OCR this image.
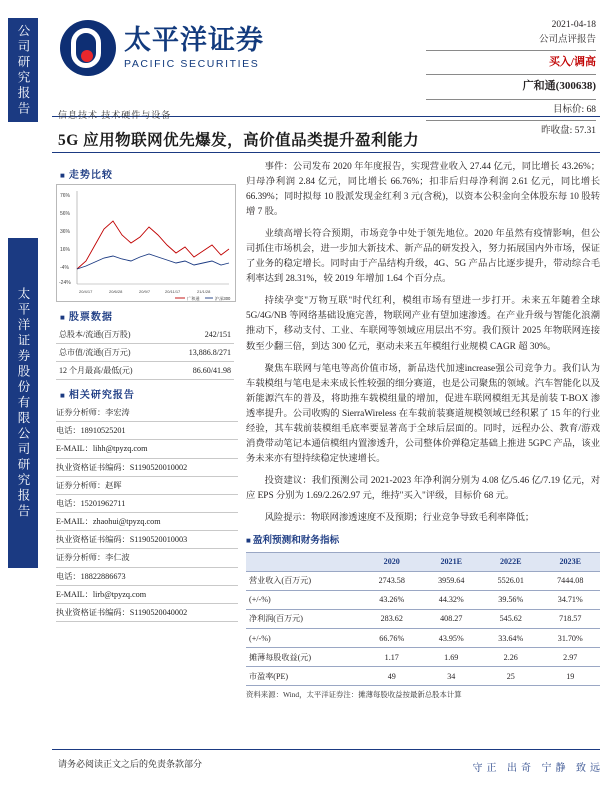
公司研究报告
太平洋证券股份有限公司研究报告
太平洋证券
PACIFIC SECURITIES
2021-04-18
公司点评报告
买入/调高
广和通(300638)
目标价: 68
昨收盘: 57.31
信息技术 技术硬件与设备
5G 应用物联网优先爆发，高价值品类提升盈利能力
■ 走势比较
76%
56%
36%
16%
-4%
-24%
20/4/17	20/6/28	20/9/7	20/11/17	21/1/28
广和通	沪深300
■ 股票数据
总股本/流通(百万股)	242/151
总市值/流通(百万元)	13,886.8/271
12 个月最高/最低(元)	86.60/41.98
■ 相关研究报告
证券分析师：李宏涛
电话：18910525201
E-MAIL：lihh@tpyzq.com
执业资格证书编码：S1190520010002
证券分析师：赵晖
电话：15201962711
E-MAIL：zhaohui@tpyzq.com
执业资格证书编码：S1190520010003
证券分析师：李仁波
电话：18822886673
E-MAIL：lirb@tpyzq.com
执业资格证书编码：S1190520040002

事件：公司发布 2020 年年度报告，实现营业收入 27.44 亿元，同比增长 43.26%；归母净利润 2.84 亿元，同比增长 66.76%；扣非后归母净利润 2.61 亿元，同比增长 66.39%；同时拟每 10 股派发现金红利 3 元(含税)，以资本公积金向全体股东每 10 股转增 7 股。

业绩高增长符合预期，市场竞争中处于领先地位。2020 年虽然有疫情影响，但公司抓住市场机会，进一步加大新技术、新产品的研发投入，努力拓展国内外市场，保证了业务的稳定增长。同时由于产品结构升级，4G、5G 产品占比逐步提升，带动综合毛利率达到 28.31%，较 2019 年增加 1.64 个百分点。

持续孕变"万物互联"时代红利，模组市场有望进一步打开。未来五年随着全球 5G/4G/NB 等网络基础设施完善，物联网产业有望加速渗透。在产业升级与智能化浪潮推动下，移动支付、工业、车联网等领域应用层出不穷。我们预计 2025 年物联网连接数至少翻三倍，到达 300 亿元，驱动未来五年模组行业规模 CAGR 超 30%。

聚焦车联网与笔电等高价值市场，新品迭代加速increase强公司竞争力。我们认为车载模组与笔电是未来成长性较强的细分赛道，也是公司聚焦的领域。汽车智能化以及新能源汽车的普及，将助推车载模组量的增加，促进车联网模组无其是前装 T-BOX 渗透率提升。公司收购的 SierraWireless 在车载前装赛道规模领域已经积累了 15 年的行业经验，其车载前装模组毛底率要显著高于全球后层面的。同时，远程办公、教育/游戏消费带动笔记本通信模组内置渗透升，公司整体价弹稳定基础上推进 5GPC 产品，该业务未来亦有望持续稳定快速增长。

投资建议：我们预测公司 2021-2023 年净利润分别为 4.08 亿/5.46 亿/7.19 亿元，对应 EPS 分别为 1.69/2.26/2.97 元，维持"买入"评级，目标价 68 元。

风险提示：物联网渗透速度不及预期；行业竞争导致毛利率降低；

■ 盈利预测和财务指标
	2020	2021E	2022E	2023E
营业收入(百万元)	2743.58	3959.64	5526.01	7444.08
(+/-%)	43.26%	44.32%	39.56%	34.71%
净利润(百万元)	283.62	408.27	545.62	718.57
(+/-%)	66.76%	43.95%	33.64%	31.70%
摊薄每股收益(元)	1.17	1.69	2.26	2.97
市盈率(PE)	49	34	25	19
资料来源：Wind，太平洋证券注：摊薄每股收益按最新总股本计算
请务必阅读正文之后的免责条款部分	守正 出奇 宁静 致远
